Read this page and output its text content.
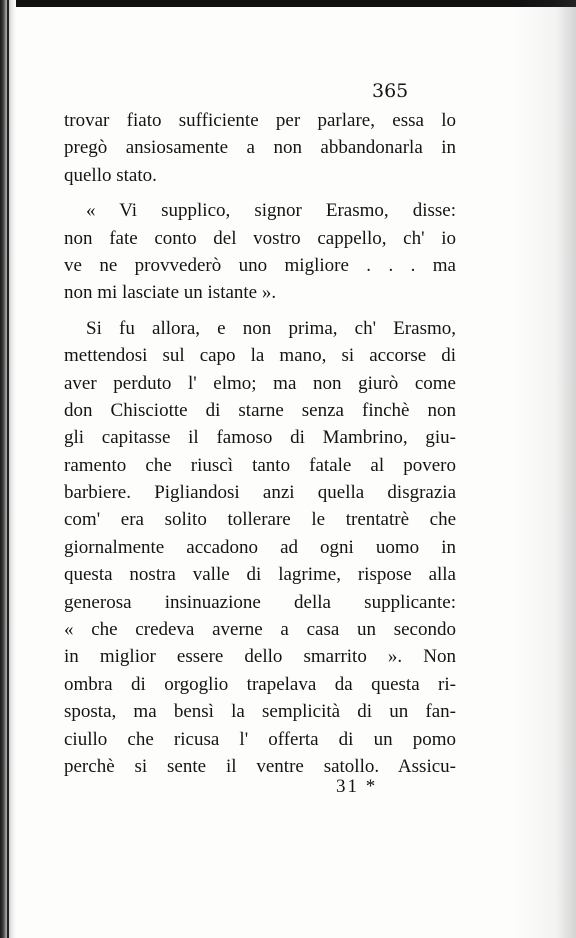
365
trovar fiato sufficiente per parlare, essa lo
pregò ansiosamente a non abbandonarla in
quello stato.
« Vi supplico, signor Erasmo, disse:
non fate conto del vostro cappello, ch' io
ve ne provvederò uno migliore . . . ma
non mi lasciate un istante ».
Si fu allora, e non prima, ch' Erasmo,
mettendosi sul capo la mano, si accorse di
aver perduto l' elmo; ma non giurò come
don Chisciotte di starne senza finchè non
gli capitasse il famoso di Mambrino, giu-
ramento che riuscì tanto fatale al povero
barbiere. Pigliandosi anzi quella disgrazia
com' era solito tollerare le trentatrè che
giornalmente accadono ad ogni uomo in
questa nostra valle di lagrime, rispose alla
generosa insinuazione della supplicante:
« che credeva averne a casa un secondo
in miglior essere dello smarrito ». Non
ombra di orgoglio trapelava da questa ri-
sposta, ma bensì la semplicità di un fan-
ciullo che ricusa l' offerta di un pomo
perchè si sente il ventre satollo. Assicu-
31 *
